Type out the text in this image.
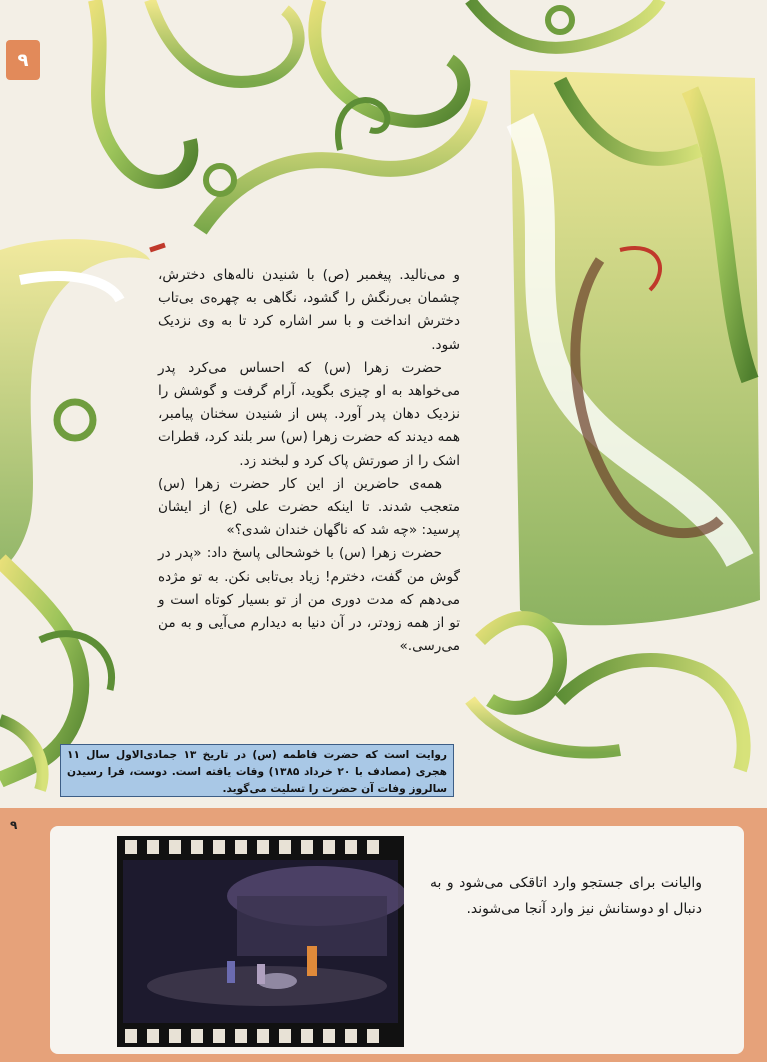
۹

و می‌نالید. پیغمبر (ص) با شنیدن ناله‌های دخترش، چشمان بی‌رنگش را گشود، نگاهی به چهره‌ی بی‌تاب دخترش انداخت و با سر اشاره کرد تا به وی نزدیک شود.

حضرت زهرا (س) که احساس می‌کرد پدر می‌خواهد به او چیزی بگوید، آرام گرفت و گوشش را نزدیک دهان پدر آورد. پس از شنیدن سخنان پیامبر، همه دیدند که حضرت زهرا (س) سر بلند کرد، قطرات اشک را از صورتش پاک کرد و لبخند زد.

همه‌ی حاضرین از این کار حضرت زهرا (س) متعجب شدند. تا اینکه حضرت علی (ع) از ایشان پرسید: «چه شد که ناگهان خندان شدی؟»

حضرت زهرا (س) با خوشحالی پاسخ داد: «پدر در گوش من گفت، دخترم! زیاد بی‌تابی نکن. به تو مژده می‌دهم که مدت دوری من از تو بسیار کوتاه است و تو از همه زودتر، در آن دنیا به دیدارم می‌آیی و به من می‌رسی.»

روایت است که حضرت فاطمه (س) در تاریخ ۱۳ جمادی‌الاول سال ۱۱ هجری (مصادف با ۲۰ خرداد ۱۳۸۵) وفات یافته است. دوست، فرا رسیدن سالروز وفات آن حضرت را تسلیت می‌گوید.
۹
والیانت برای جستجو وارد اتاقکی می‌شود و به دنبال او دوستانش نیز وارد آنجا می‌شوند.
